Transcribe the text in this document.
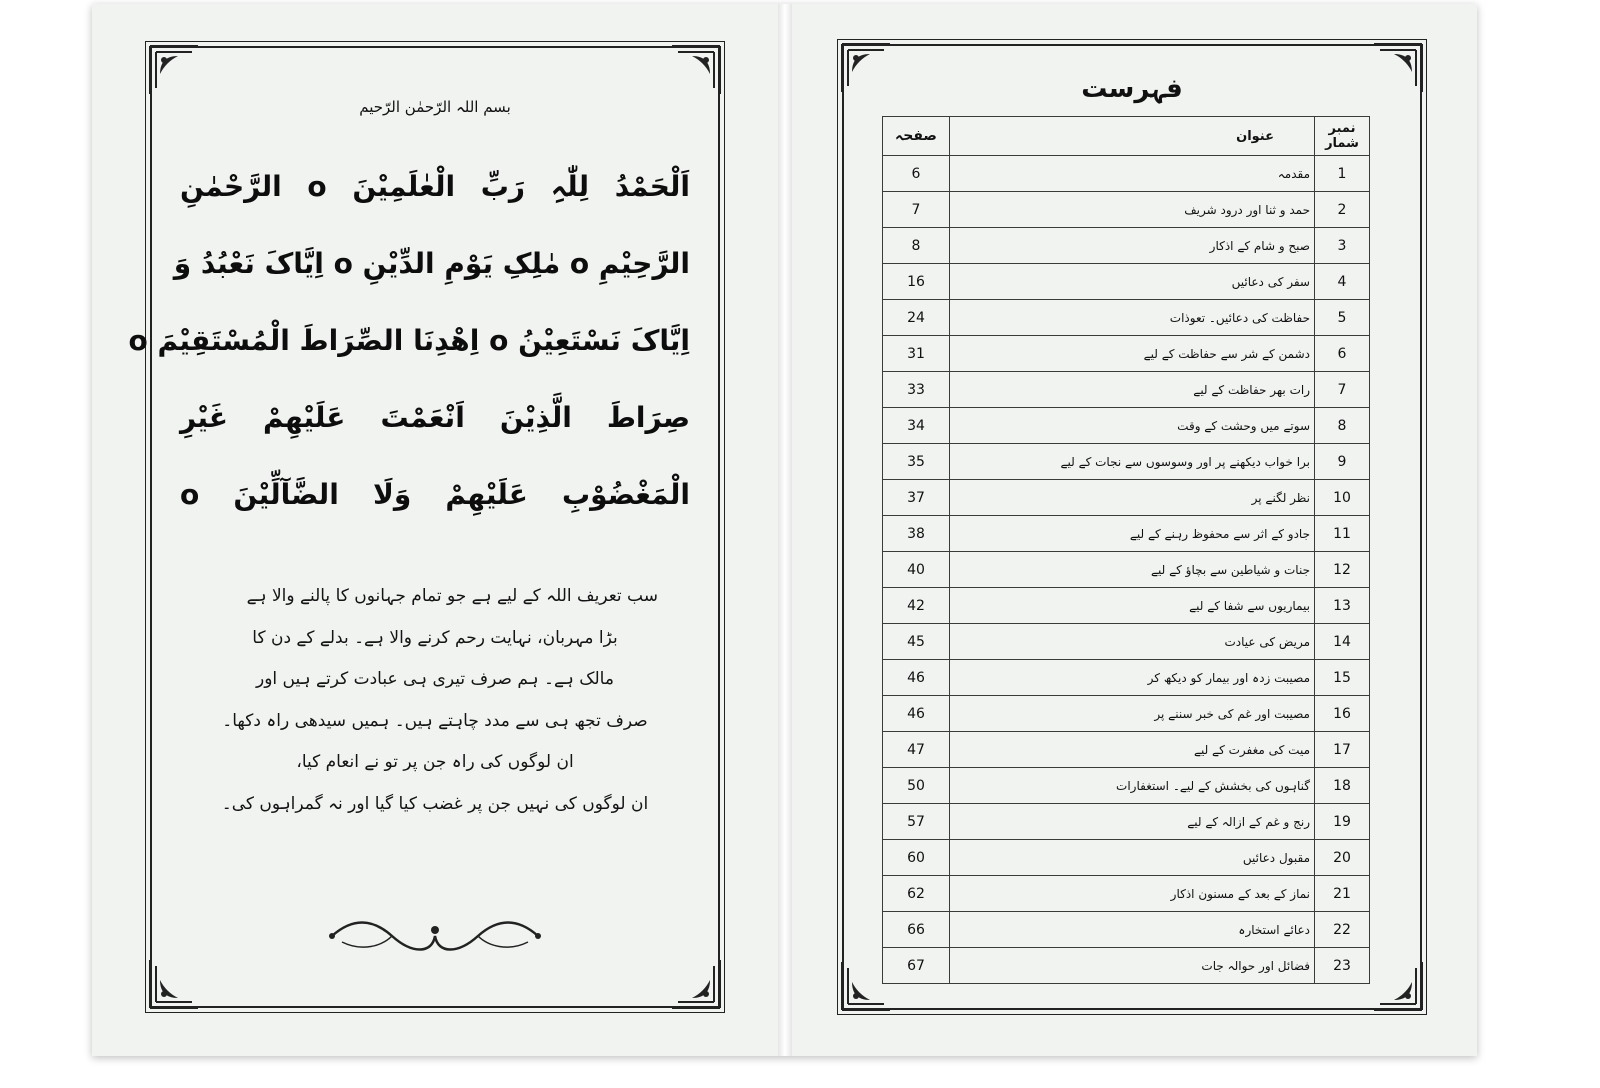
بسم اللہ الرّحمٰن الرّحیم
اَلْحَمْدُ لِلّٰہِ رَبِّ الْعٰلَمِیْنَ o الرَّحْمٰنِ
الرَّحِیْمِ o مٰلِکِ یَوْمِ الدِّیْنِ o اِیَّاکَ نَعْبُدُ وَ
اِیَّاکَ نَسْتَعِیْنُ o اِھْدِنَا الصِّرَاطَ الْمُسْتَقِیْمَ o
صِرَاطَ الَّذِیْنَ اَنْعَمْتَ عَلَیْھِمْ غَیْرِ
الْمَغْضُوْبِ عَلَیْھِمْ وَلَا الضَّآلِّیْنَ o
سب تعریف اللہ کے لیے ہے جو تمام جہانوں کا پالنے والا ہے
بڑا مہربان، نہایت رحم کرنے والا ہے۔ بدلے کے دن کا
مالک ہے۔ ہم صرف تیری ہی عبادت کرتے ہیں اور
صرف تجھ ہی سے مدد چاہتے ہیں۔ ہمیں سیدھی راہ دکھا۔
ان لوگوں کی راہ جن پر تو نے انعام کیا،
ان لوگوں کی نہیں جن پر غضب کیا گیا اور نہ گمراہوں کی۔
فہرست
نمبر شمار	عنوان	صفحہ
1	مقدمہ	6
2	حمد و ثنا اور درود شریف	7
3	صبح و شام کے اذکار	8
4	سفر کی دعائیں	16
5	حفاظت کی دعائیں۔ تعوذات	24
6	دشمن کے شر سے حفاظت کے لیے	31
7	رات بھر حفاظت کے لیے	33
8	سوتے میں وحشت کے وقت	34
9	برا خواب دیکھنے پر اور وسوسوں سے نجات کے لیے	35
10	نظر لگنے پر	37
11	جادو کے اثر سے محفوظ رہنے کے لیے	38
12	جنات و شیاطین سے بچاؤ کے لیے	40
13	بیماریوں سے شفا کے لیے	42
14	مریض کی عیادت	45
15	مصیبت زدہ اور بیمار کو دیکھ کر	46
16	مصیبت اور غم کی خبر سننے پر	46
17	میت کی مغفرت کے لیے	47
18	گناہوں کی بخشش کے لیے۔ استغفارات	50
19	رنج و غم کے ازالہ کے لیے	57
20	مقبول دعائیں	60
21	نماز کے بعد کے مسنون اذکار	62
22	دعائے استخارہ	66
23	فضائل اور حوالہ جات	67
